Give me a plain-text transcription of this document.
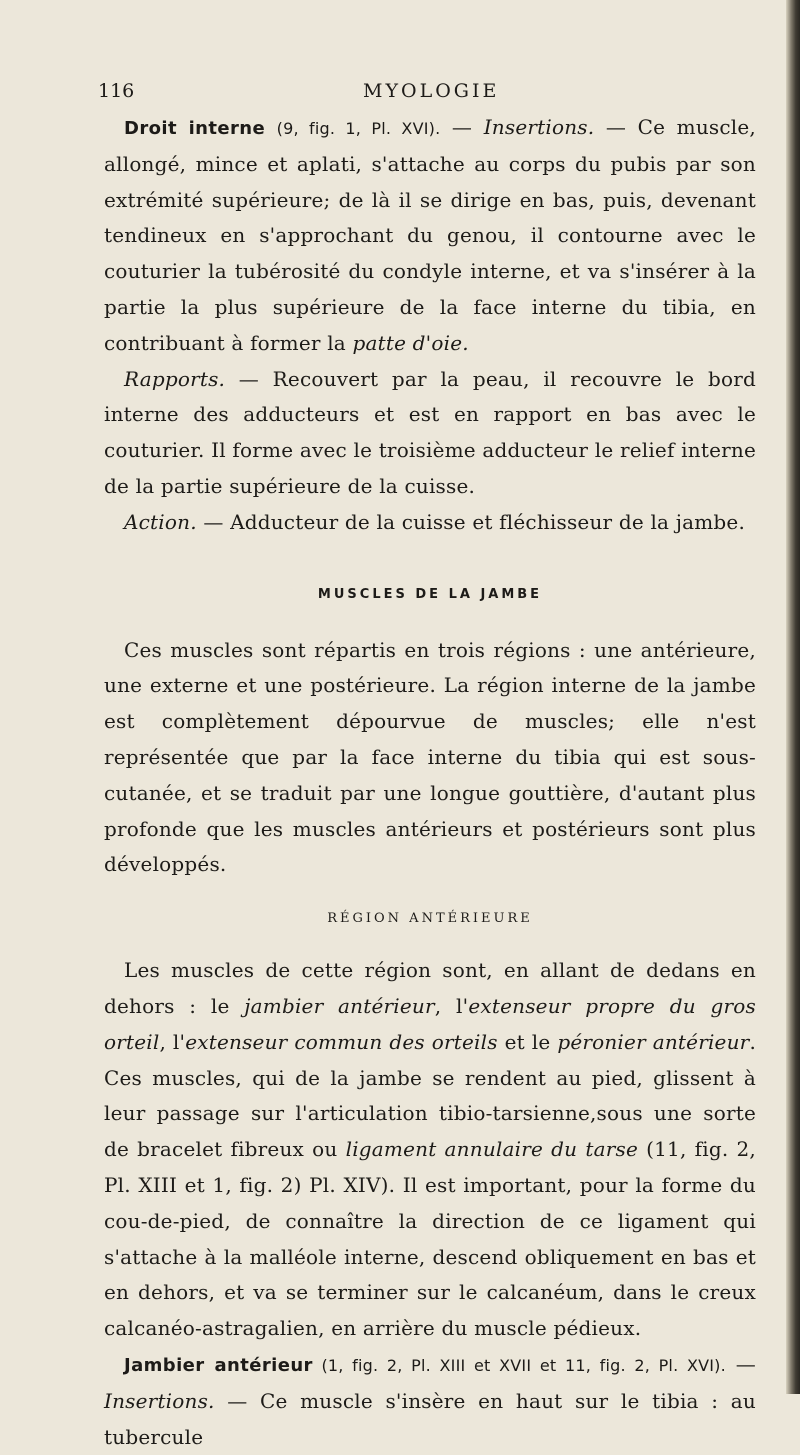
116	MYOLOGIE

Droit interne (9, fig. 1, Pl. XVI). — Insertions. — Ce muscle, allongé, mince et aplati, s'attache au corps du pubis par son extrémité supérieure; de là il se dirige en bas, puis, devenant tendineux en s'approchant du genou, il contourne avec le couturier la tubérosité du condyle interne, et va s'insérer à la partie la plus supérieure de la face interne du tibia, en contribuant à former la patte d'oie.

Rapports. — Recouvert par la peau, il recouvre le bord interne des adducteurs et est en rapport en bas avec le couturier. Il forme avec le troisième adducteur le relief interne de la partie supérieure de la cuisse.

Action. — Adducteur de la cuisse et fléchisseur de la jambe.

MUSCLES DE LA JAMBE

Ces muscles sont répartis en trois régions : une antérieure, une externe et une postérieure. La région interne de la jambe est complètement dépourvue de muscles; elle n'est représentée que par la face interne du tibia qui est sous-cutanée, et se traduit par une longue gouttière, d'autant plus profonde que les muscles antérieurs et postérieurs sont plus développés.

RÉGION ANTÉRIEURE

Les muscles de cette région sont, en allant de dedans en dehors : le jambier antérieur, l'extenseur propre du gros orteil, l'extenseur commun des orteils et le péronier antérieur. Ces muscles, qui de la jambe se rendent au pied, glissent à leur passage sur l'articulation tibio-tarsienne,sous une sorte de bracelet fibreux ou ligament annulaire du tarse (11, fig. 2, Pl. XIII et 1, fig. 2) Pl. XIV). Il est important, pour la forme du cou-de-pied, de connaître la direction de ce ligament qui s'attache à la malléole interne, descend obliquement en bas et en dehors, et va se terminer sur le calcanéum, dans le creux calcanéo-astragalien, en arrière du muscle pédieux.

Jambier antérieur (1, fig. 2, Pl. XIII et XVII et 11, fig. 2, Pl. XVI). —Insertions. — Ce muscle s'insère en haut sur le tibia : au tubercule
